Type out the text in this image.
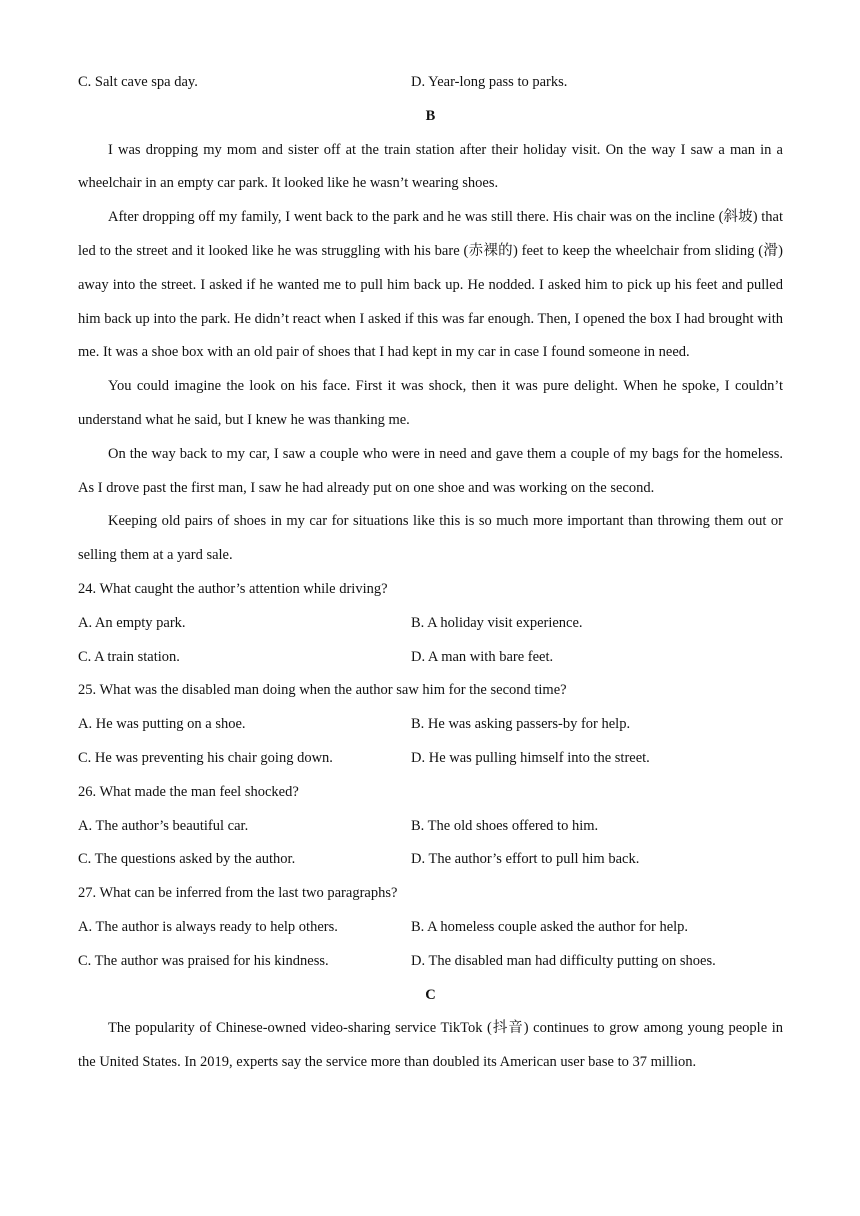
C. Salt cave spa day.	D. Year-long pass to parks.
B

I was dropping my mom and sister off at the train station after their holiday visit. On the way I saw a man in a wheelchair in an empty car park. It looked like he wasn’t wearing shoes.

After dropping off my family, I went back to the park and he was still there. His chair was on the incline (斜坡) that led to the street and it looked like he was struggling with his bare (赤裸的) feet to keep the wheelchair from sliding (滑) away into the street. I asked if he wanted me to pull him back up. He nodded. I asked him to pick up his feet and pulled him back up into the park. He didn’t react when I asked if this was far enough. Then, I opened the box I had brought with me. It was a shoe box with an old pair of shoes that I had kept in my car in case I found someone in need.

You could imagine the look on his face. First it was shock, then it was pure delight. When he spoke, I couldn’t understand what he said, but I knew he was thanking me.

On the way back to my car, I saw a couple who were in need and gave them a couple of my bags for the homeless. As I drove past the first man, I saw he had already put on one shoe and was working on the second.

Keeping old pairs of shoes in my car for situations like this is so much more important than throwing them out or selling them at a yard sale.

24. What caught the author’s attention while driving?
A. An empty park.	B. A holiday visit experience.
C. A train station.	D. A man with bare feet.
25. What was the disabled man doing when the author saw him for the second time?
A. He was putting on a shoe.	B. He was asking passers-by for help.
C. He was preventing his chair going down.	D. He was pulling himself into the street.
26. What made the man feel shocked?
A. The author’s beautiful car.	B. The old shoes offered to him.
C. The questions asked by the author.	D. The author’s effort to pull him back.
27. What can be inferred from the last two paragraphs?
A. The author is always ready to help others.	B. A homeless couple asked the author for help.
C. The author was praised for his kindness.	D. The disabled man had difficulty putting on shoes.
C

The popularity of Chinese-owned video-sharing service TikTok (抖音) continues to grow among young people in the United States. In 2019, experts say the service more than doubled its American user base to 37 million.
